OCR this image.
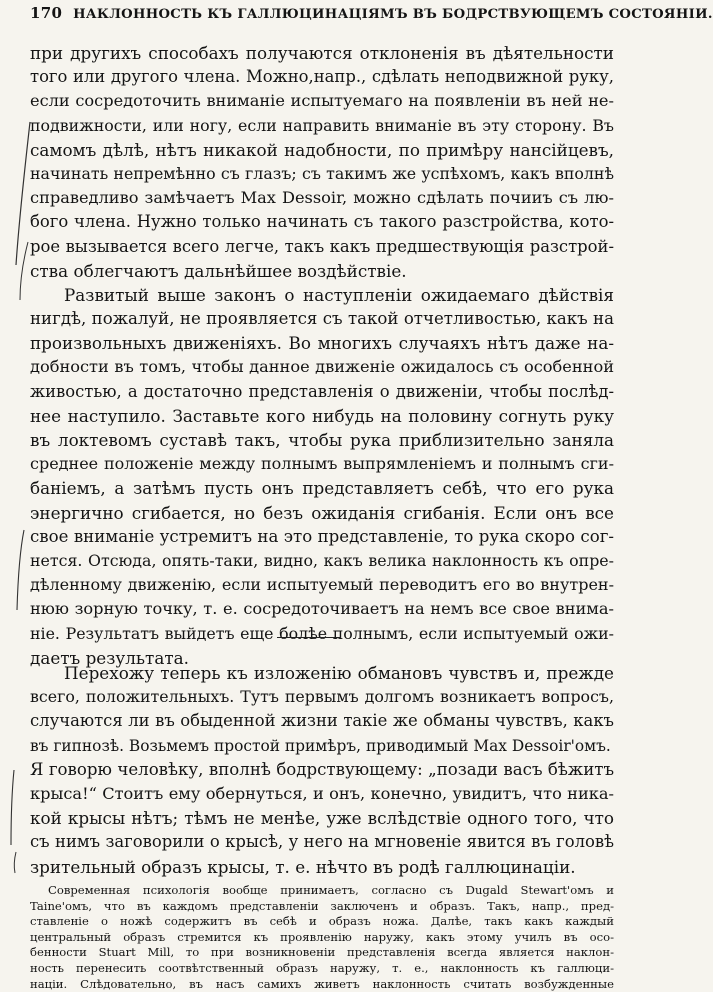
170 НАКЛОННОСТЬ КЪ ГАЛЛЮЦИНАЦІЯМЪ ВЪ БОДРСТВУЮЩЕМЪ СОСТОЯНІИ.
при другихъ способахъ получаются отклоненія въ дѣятельности
того или другого члена. Можно,напр., сдѣлать неподвижной руку,
если сосредоточить вниманіе испытуемаго на появленіи въ ней не-
подвижности, или ногу, если направить вниманіе въ эту сторону. Въ
самомъ дѣлѣ, нѣтъ никакой надобности, по примѣру нансійцевъ,
начинать непремѣнно съ глазъ; съ такимъ же успѣхомъ, какъ вполнѣ
справедливо замѣчаетъ Max Dessoir, можно сдѣлать почииъ съ лю-
бого члена. Нужно только начинать съ такого разстройства, кото-
рое вызывается всего легче, такъ какъ предшествующія разстрой-
ства облегчаютъ дальнѣйшее воздѣйствіе.
Развитый выше законъ о наступленіи ожидаемаго дѣйствія
нигдѣ, пожалуй, не проявляется съ такой отчетливостью, какъ на
произвольныхъ движеніяхъ. Во многихъ случаяхъ нѣтъ даже на-
добности въ томъ, чтобы данное движеніе ожидалось съ особенной
живостью, а достаточно представленія о движеніи, чтобы послѣд-
нее наступило. Заставьте кого нибудь на половину согнуть руку
въ локтевомъ суставѣ такъ, чтобы рука приблизительно заняла
среднее положеніе между полнымъ выпрямленіемъ и полнымъ сги-
баніемъ, а затѣмъ пусть онъ представляетъ себѣ, что его рука
энергично сгибается, но безъ ожиданія сгибанія. Если онъ все
свое вниманіе устремитъ на это представленіе, то рука скоро сог-
нется. Отсюда, опять-таки, видно, какъ велика наклонность къ опре-
дѣленному движенію, если испытуемый переводитъ его во внутрен-
нюю зорную точку, т. е. сосредоточиваетъ на немъ все свое внима-
ніе. Результатъ выйдетъ еще болѣе полнымъ, если испытуемый ожи-
даетъ результата.
Перехожу теперь къ изложенію обмановъ чувствъ и, прежде
всего, положительныхъ. Тутъ первымъ долгомъ возникаетъ вопросъ,
случаются ли въ обыденной жизни такіе же обманы чувствъ, какъ
въ гипнозѣ. Возьмемъ простой примѣръ, приводимый Max Dessoir'омъ.
Я говорю человѣку, вполнѣ бодрствующему: „позади васъ бѣжитъ
крыса!“ Стоитъ ему обернуться, и онъ, конечно, увидитъ, что ника-
кой крысы нѣтъ; тѣмъ не менѣе, уже вслѣдствіе одного того, что
съ нимъ заговорили о крысѣ, у него на мгновеніе явится въ головѣ
зрительный образъ крысы, т. е. нѣчто въ родѣ галлюцинаціи.
Современная психологія вообще принимаетъ, согласно съ Dugald Stewart'омъ и
Taine'омъ, что въ каждомъ представленіи заключенъ и образъ. Такъ, напр., пред-
ставленіе о ножѣ содержитъ въ себѣ и образъ ножа. Далѣе, такъ какъ каждый
центральный образъ стремится къ проявленію наружу, какъ этому училъ въ осо-
бенности Stuart Mill, то при возникновеніи представленія всегда является наклон-
ность перенесить соотвѣтственный образъ наружу, т. е., наклонность къ галлюци-
націи. Слѣдовательно, въ насъ самихъ живетъ наклонность считать возбужденные
